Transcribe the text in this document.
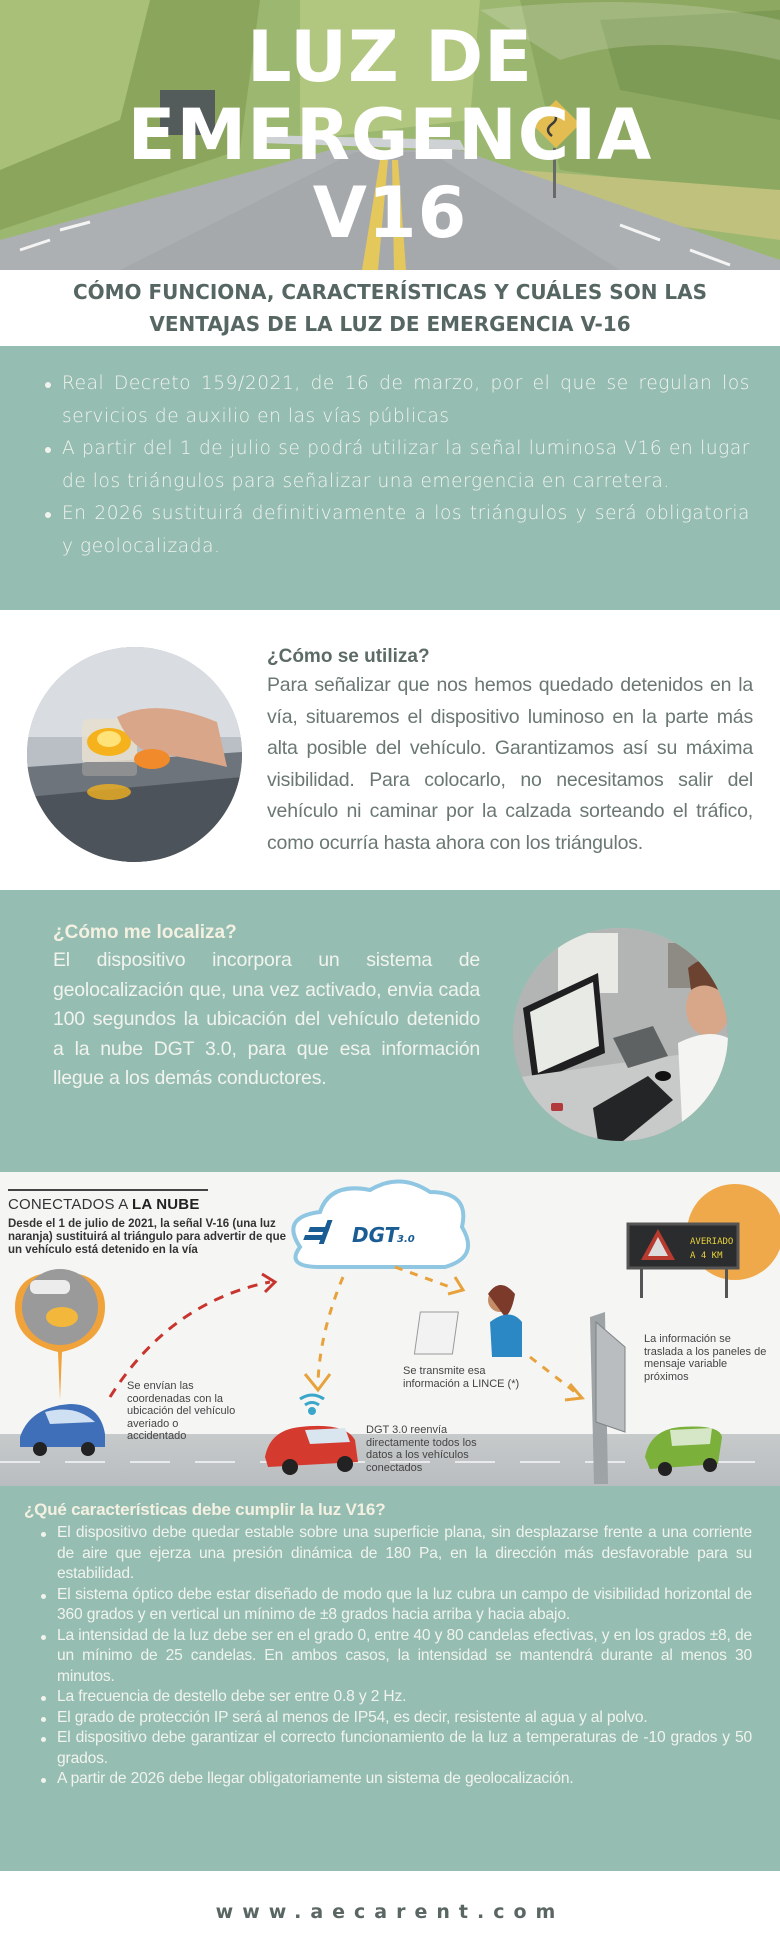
LUZ DE
EMERGENCIA
V16
CÓMO FUNCIONA, CARACTERÍSTICAS Y CUÁLES SON LAS VENTAJAS DE LA LUZ DE EMERGENCIA V-16
Real Decreto 159/2021, de 16 de marzo, por el que se regulan los servicios de auxilio en las vías públicas
A partir del 1 de julio se podrá utilizar la señal luminosa V16 en lugar de los triángulos para señalizar una emergencia en carretera.
En 2026 sustituirá definitivamente a los triángulos y será obligatoria y geolocalizada.
¿Cómo se utiliza?

Para señalizar que nos hemos quedado detenidos en la vía, situaremos el dispositivo luminoso en la parte más alta posible del vehículo. Garantizamos así su máxima visibilidad. Para colocarlo, no necesitamos salir del vehículo ni caminar por la calzada sorteando el tráfico, como ocurría hasta ahora con los triángulos.

¿Cómo me localiza?

El dispositivo incorpora un sistema de geolocalización que, una vez activado, envia cada 100 segundos la ubicación del vehículo detenido a la nube DGT 3.0, para que esa información llegue a los demás conductores.

DGT
3.0	AVERIADO
A 4 KM
CONECTADOS A LA NUBE
Desde el 1 de julio de 2021, la señal V-16 (una luz naranja) sustituirá al triángulo para advertir de que un vehículo está detenido en la vía
Se envían las coordenadas con la ubicación del vehículo averiado o accidentado
Se transmite esa información a LINCE (*)
DGT 3.0 reenvía directamente todos los datos a los vehículos conectados
La información se traslada a los paneles de mensaje variable próximos
¿Qué características debe cumplir la luz V16?
El dispositivo debe quedar estable sobre una superficie plana, sin desplazarse frente a una corriente de aire que ejerza una presión dinámica de 180 Pa, en la dirección más desfavorable para su estabilidad.
El sistema óptico debe estar diseñado de modo que la luz cubra un campo de visibilidad horizontal de 360 grados y en vertical un mínimo de ±8 grados hacia arriba y hacia abajo.
La intensidad de la luz debe ser en el grado 0, entre 40 y 80 candelas efectivas, y en los grados ±8, de un mínimo de 25 candelas. En ambos casos, la intensidad se mantendrá durante al menos 30 minutos.
La frecuencia de destello debe ser entre 0.8 y 2 Hz.
El grado de protección IP será al menos de IP54, es decir, resistente al agua y al polvo.
El dispositivo debe garantizar el correcto funcionamiento de la luz a temperaturas de -10 grados y 50 grados.
A partir de 2026 debe llegar obligatoriamente un sistema de geolocalización.
www.aecarent.com
